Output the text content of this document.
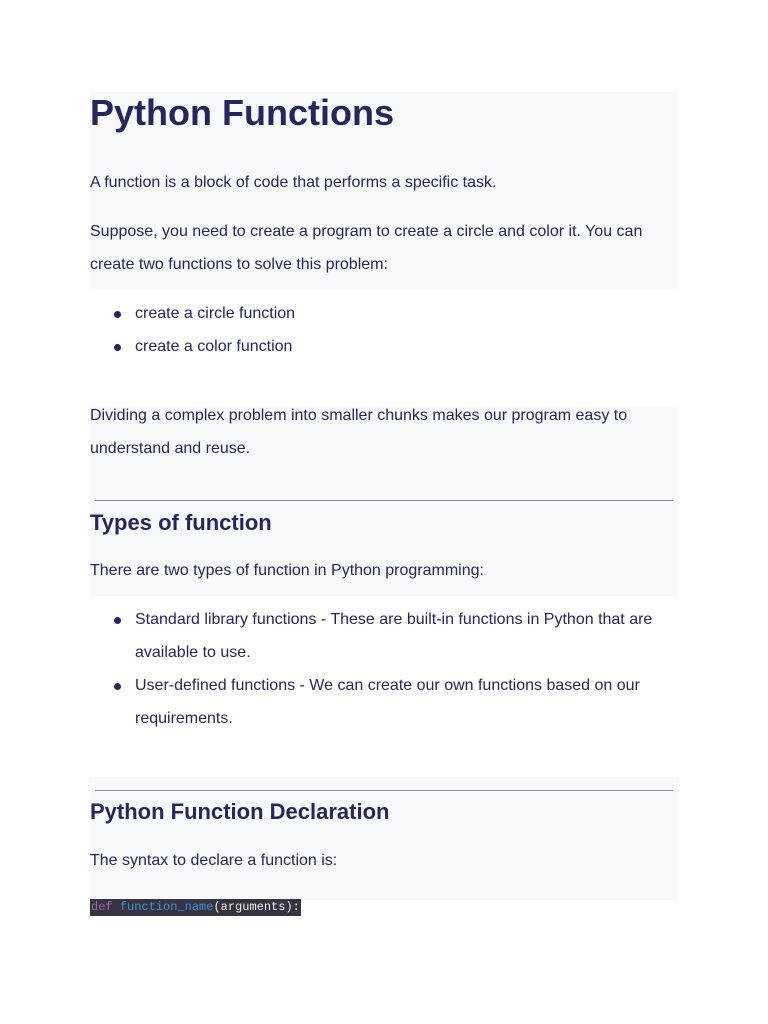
Python Functions

A function is a block of code that performs a specific task.

Suppose, you need to create a program to create a circle and color it. You can create two functions to solve this problem:

create a circle function
create a color function

Dividing a complex problem into smaller chunks makes our program easy to understand and reuse.

Types of function

There are two types of function in Python programming:

Standard library functions - These are built-in functions in Python that are available to use.
User-defined functions - We can create our own functions based on our requirements.
Python Function Declaration

The syntax to declare a function is:

def function_name(arguments):
